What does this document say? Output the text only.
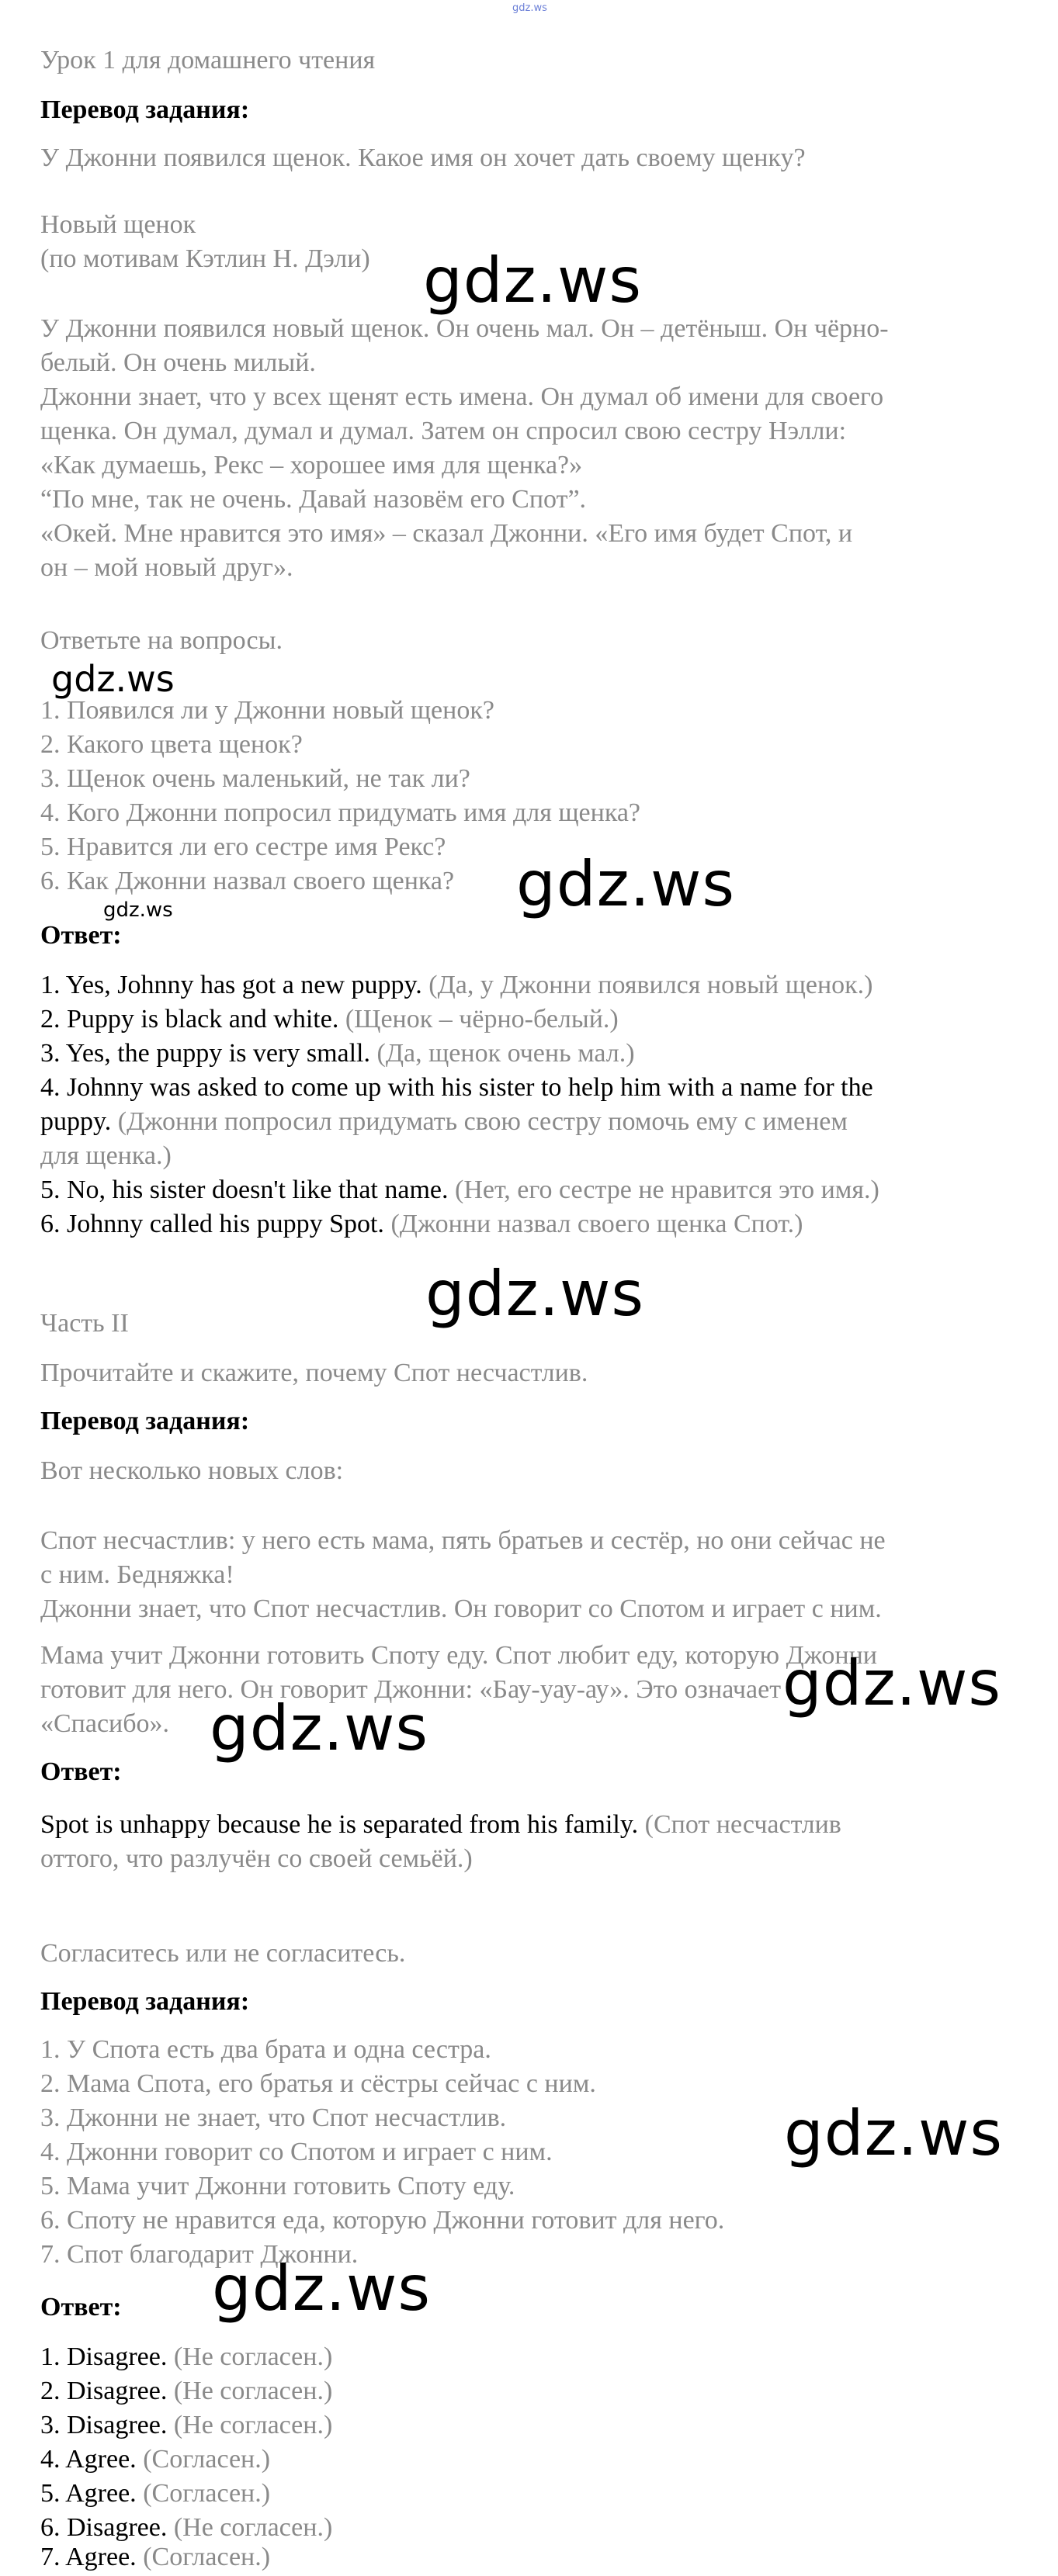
gdz.ws
Урок 1 для домашнего чтения
Перевод задания:
У Джонни появился щенок. Какое имя он хочет дать своему щенку?
Новый щенок
(по мотивам Кэтлин Н. Дэли)
У Джонни появился новый щенок. Он очень мал. Он – детёныш. Он чёрно-
белый. Он очень милый.
Джонни знает, что у всех щенят есть имена. Он думал об имени для своего
щенка. Он думал, думал и думал. Затем он спросил свою сестру Нэлли:
«Как думаешь, Рекс – хорошее имя для щенка?»
“По мне, так не очень. Давай назовём его Спот”.
«Окей. Мне нравится это имя» – сказал Джонни. «Его имя будет Спот, и
он – мой новый друг».
Ответьте на вопросы.
1. Появился ли у Джонни новый щенок?
2. Какого цвета щенок?
3. Щенок очень маленький, не так ли?
4. Кого Джонни попросил придумать имя для щенка?
5. Нравится ли его сестре имя Рекс?
6. Как Джонни назвал своего щенка?
Ответ:
1. Yes, Johnny has got a new puppy. (Да, у Джонни появился новый щенок.)
2. Puppy is black and white. (Щенок – чёрно-белый.)
3. Yes, the puppy is very small. (Да, щенок очень мал.)
4. Johnny was asked to come up with his sister to help him with a name for the
puppy. (Джонни попросил придумать свою сестру помочь ему с именем
для щенка.)
5. No, his sister doesn't like that name. (Нет, его сестре не нравится это имя.)
6. Johnny called his puppy Spot. (Джонни назвал своего щенка Спот.)
Часть II
Прочитайте и скажите, почему Спот несчастлив.
Перевод задания:
Вот несколько новых слов:
Спот несчастлив: у него есть мама, пять братьев и сестёр, но они сейчас не
с ним. Бедняжка!
Джонни знает, что Спот несчастлив. Он говорит со Спотом и играет с ним.
Мама учит Джонни готовить Споту еду. Спот любит еду, которую Джонни
готовит для него. Он говорит Джонни: «Бау-уау-ау». Это означает
«Спасибо».
Ответ:
Spot is unhappy because he is separated from his family. (Спот несчастлив
оттого, что разлучён со своей семьёй.)
Согласитесь или не согласитесь.
Перевод задания:
1. У Спота есть два брата и одна сестра.
2. Мама Спота, его братья и сёстры сейчас с ним.
3. Джонни не знает, что Спот несчастлив.
4. Джонни говорит со Спотом и играет с ним.
5. Мама учит Джонни готовить Споту еду.
6. Споту не нравится еда, которую Джонни готовит для него.
7. Спот благодарит Джонни.
Ответ:
1. Disagree. (Не согласен.)
2. Disagree. (Не согласен.)
3. Disagree. (Не согласен.)
4. Agree. (Согласен.)
5. Agree. (Согласен.)
6. Disagree. (Не согласен.)
7. Agree. (Согласен.)
gdz.ws
gdz.ws
gdz.ws
gdz.ws
gdz.ws
gdz.ws
gdz.ws
gdz.ws
gdz.ws
